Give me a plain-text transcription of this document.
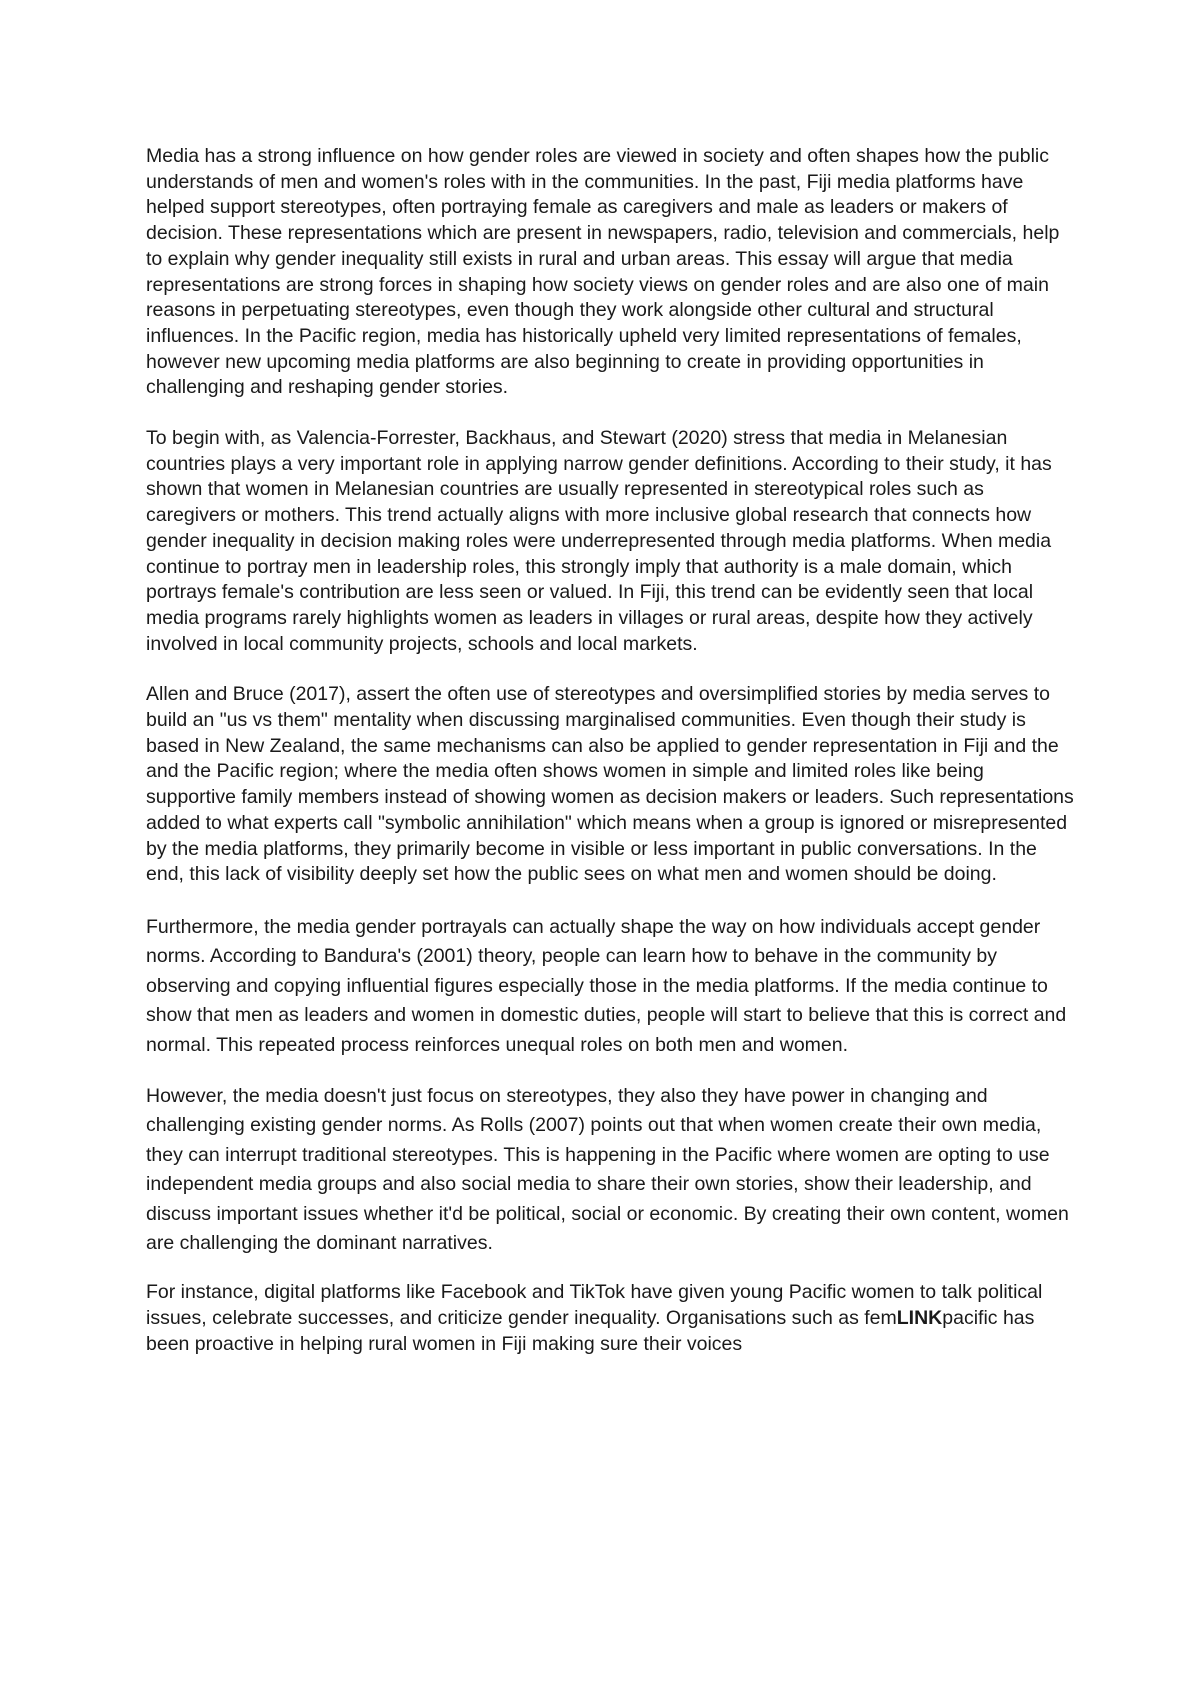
Media has a strong influence on how gender roles are viewed in society and often shapes how the public understands of men and women's roles with in the communities. In the past, Fiji media platforms have helped support stereotypes, often portraying female as caregivers and male as leaders or makers of decision. These representations which are present in newspapers, radio, television and commercials, help to explain why gender inequality still exists in rural and urban areas. This essay will argue that media representations are strong forces in shaping how society views on gender roles and are also one of main reasons in perpetuating stereotypes, even though they work alongside other cultural and structural influences. In the Pacific region, media has historically upheld very limited representations of females, however new upcoming media platforms are also beginning to create in providing opportunities in challenging and reshaping gender stories.

To begin with, as Valencia-Forrester, Backhaus, and Stewart (2020) stress that media in Melanesian countries plays a very important role in applying narrow gender definitions. According to their study, it has shown that women in Melanesian countries are usually represented in stereotypical roles such as caregivers or mothers. This trend actually aligns with more inclusive global research that connects how gender inequality in decision making roles were underrepresented through media platforms. When media continue to portray men in leadership roles, this strongly imply that authority is a male domain, which portrays female's contribution are less seen or valued. In Fiji, this trend can be evidently seen that local media programs rarely highlights women as leaders in villages or rural areas, despite how they actively involved in local community projects, schools and local markets.

Allen and Bruce (2017), assert the often use of stereotypes and oversimplified stories by media serves to build an "us vs them" mentality when discussing marginalised communities. Even though their study is based in New Zealand, the same mechanisms can also be applied to gender representation in Fiji and the and the Pacific region; where the media often shows women in simple and limited roles like being supportive family members instead of showing women as decision makers or leaders. Such representations added to what experts call "symbolic annihilation" which means when a group is ignored or misrepresented by the media platforms, they primarily become in visible or less important in public conversations. In the end, this lack of visibility deeply set how the public sees on what men and women should be doing.

Furthermore, the media gender portrayals can actually shape the way on how individuals accept gender norms. According to Bandura's (2001) theory, people can learn how to behave in the community by observing and copying influential figures especially those in the media platforms. If the media continue to show that men as leaders and women in domestic duties, people will start to believe that this is correct and normal. This repeated process reinforces unequal roles on both men and women.

However, the media doesn't just focus on stereotypes, they also they have power in changing and challenging existing gender norms. As Rolls (2007) points out that when women create their own media, they can interrupt traditional stereotypes. This is happening in the Pacific where women are opting to use independent media groups and also social media to share their own stories, show their leadership, and discuss important issues whether it'd be political, social or economic. By creating their own content, women are challenging the dominant narratives.

For instance, digital platforms like Facebook and TikTok have given young Pacific women to talk political issues, celebrate successes, and criticize gender inequality. Organisations such as femLINKpacific has been proactive in helping rural women in Fiji making sure their voices
